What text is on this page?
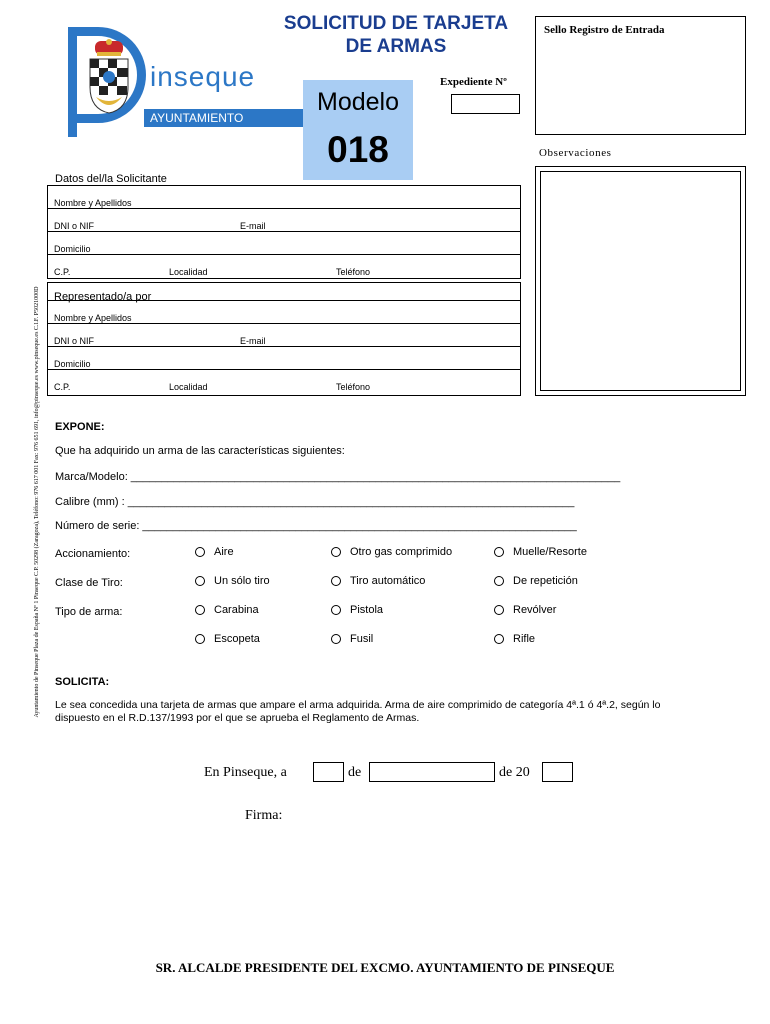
inseque
AYUNTAMIENTO
SOLICITUD DE TARJETA
DE ARMAS
Expediente Nº
Modelo
018
Sello Registro de Entrada
Observaciones
Ayuntamiento de Pinseque Plaza de España Nº 1 Pinseque C.P. 50298 (Zaragoza), Teléfono: 976 617 001 Fax: 976 651 691, info@pinseque.es www.pinseque.es C.I.F. P5021000D
Datos del/la Solicitante
Nombre y Apellidos
DNI o NIF	E-mail
Domicilio
C.P.	Localidad	Teléfono
Representado/a por
Nombre y Apellidos
DNI o NIF	E-mail
Domicilio
C.P.	Localidad	Teléfono
EXPONE:
Que ha adquirido un arma de las características siguientes:
Marca/Modelo: ________________________________________________________________________________
Calibre (mm) : _________________________________________________________________________
Número de serie: _______________________________________________________________________
Accionamiento:	Aire	Otro gas comprimido	Muelle/Resorte
Clase de Tiro:	Un sólo tiro	Tiro automático	De repetición
Tipo de arma:	Carabina	Pistola	Revólver
Escopeta	Fusil	Rifle
SOLICITA:
Le sea concedida una tarjeta de armas que ampare el arma adquirida. Arma de aire comprimido de categoría 4ª.1 ó 4ª.2, según lo
dispuesto en el R.D.137/1993 por el que se aprueba el Reglamento de Armas.
En Pinseque, a	de	de 20
Firma:
SR. ALCALDE PRESIDENTE DEL EXCMO. AYUNTAMIENTO DE PINSEQUE
